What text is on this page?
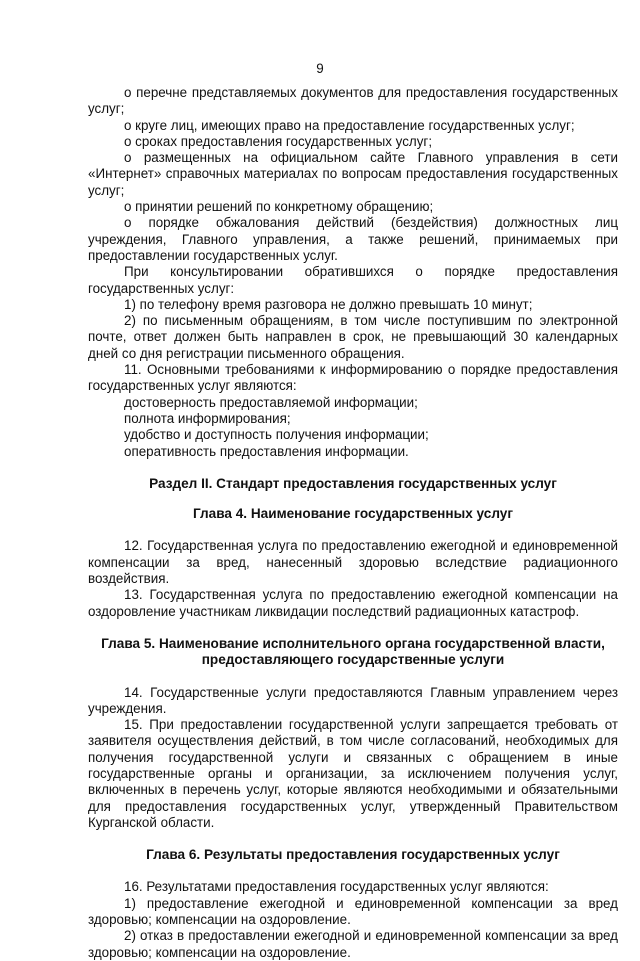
9

о перечне представляемых документов для предоставления государственных услуг;

о круге лиц, имеющих право на предоставление государственных услуг;

о сроках предоставления государственных услуг;

о размещенных на официальном сайте Главного управления в сети «Интернет» справочных материалах по вопросам предоставления государственных услуг;

о принятии решений по конкретному обращению;

о порядке обжалования действий (бездействия) должностных лиц учреждения, Главного управления, а также решений, принимаемых при предоставлении государственных услуг.

При консультировании обратившихся о порядке предоставления государственных услуг:

1) по телефону время разговора не должно превышать 10 минут;

2) по письменным обращениям, в том числе поступившим по электронной почте, ответ должен быть направлен в срок, не превышающий 30 календарных дней со дня регистрации письменного обращения.

11. Основными требованиями к информированию о порядке предоставления государственных услуг являются:

достоверность предоставляемой информации;

полнота информирования;

удобство и доступность получения информации;

оперативность предоставления информации.

Раздел II. Стандарт предоставления государственных услуг

Глава 4. Наименование государственных услуг

12. Государственная услуга по предоставлению ежегодной и единовременной компенсации за вред, нанесенный здоровью вследствие радиационного воздействия.

13. Государственная услуга по предоставлению ежегодной компенсации на оздоровление участникам ликвидации последствий радиационных катастроф.

Глава 5. Наименование исполнительного органа государственной власти, предоставляющего государственные услуги

14. Государственные услуги предоставляются Главным управлением через учреждения.

15. При предоставлении государственной услуги запрещается требовать от заявителя осуществления действий, в том числе согласований, необходимых для получения государственной услуги и связанных с обращением в иные государственные органы и организации, за исключением получения услуг, включенных в перечень услуг, которые являются необходимыми и обязательными для предоставления государственных услуг, утвержденный Правительством Курганской области.

Глава 6. Результаты предоставления государственных услуг

16. Результатами предоставления государственных услуг являются:

1) предоставление ежегодной и единовременной компенсации за вред здоровью; компенсации на оздоровление.

2) отказ в предоставлении ежегодной и единовременной компенсации за вред здоровью; компенсации на оздоровление.
